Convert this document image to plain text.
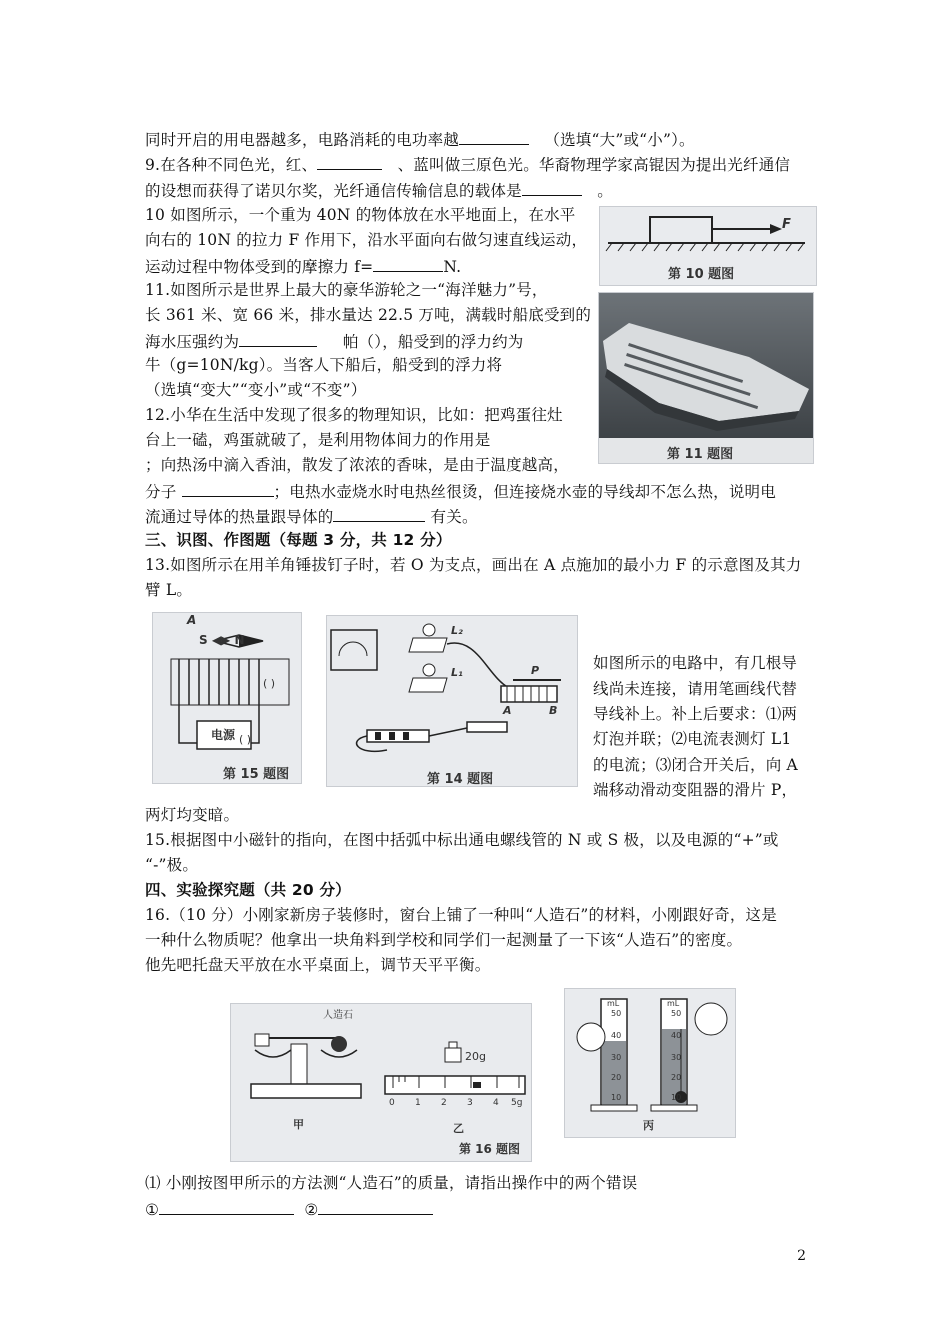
同时开启的用电器越多，电路消耗的电功率越	（选填“大”或“小”）。
9.在各种不同色光，红、	、蓝叫做三原色光。华裔物理学家高锟因为提出光纤通信
的设想而获得了诺贝尔奖，光纤通信传输信息的载体是	。
10 如图所示，一个重为 40N 的物体放在水平地面上，在水平
向右的 10N 的拉力 F 作用下，沿水平面向右做匀速直线运动，
运动过程中物体受到的摩擦力 f=	N.
11.如图所示是世界上最大的豪华游轮之一“海洋魅力”号，
长 361 米、宽 66 米，排水量达 22.5 万吨，满载时船底受到的
海水压强约为	帕（），船受到的浮力约为
牛（g=10N/kg）。当客人下船后，船受到的浮力将
（选填“变大”“变小”或“不变”）
12.小华在生活中发现了很多的物理知识，比如：把鸡蛋往灶
台上一磕，鸡蛋就破了，是利用物体间力的作用是
；向热汤中滴入香油，散发了浓浓的香味，是由于温度越高，
分子	；电热水壶烧水时电热丝很烫，但连接烧水壶的导线却不怎么热，说明电
流通过导体的热量跟导体的	有关。
三、识图、作图题（每题 3 分，共 12 分）
13.如图所示在用羊角锤拔钉子时，若 O 为支点，画出在 A 点施加的最小力 F 的示意图及其力
臂 L。
如图所示的电路中，有几根导
线尚未连接，请用笔画线代替
导线补上。补上后要求：⑴两
灯泡并联；⑵电流表测灯 L1
的电流；⑶闭合开关后，向 A
端移动滑动变阻器的滑片 P，
两灯均变暗。
15.根据图中小磁针的指向，在图中括弧中标出通电螺线管的 N 或 S 极，以及电源的“+”或
“-”极。
四、实验探究题（共 20 分）
16.（10 分）小刚家新房子装修时，窗台上铺了一种叫“人造石”的材料，小刚跟好奇，这是
一种什么物质呢？他拿出一块角料到学校和同学们一起测量了一下该“人造石”的密度。
他先吧托盘天平放在水平桌面上，调节天平平衡。
⑴ 小刚按图甲所示的方法测“人造石”的质量，请指出操作中的两个错误
①	②
F
第 10 题图
第 11 题图
A
S ◀▶ N
电源
( )
( )
第 15 题图
L₂
L₁	P
A	B
第 14 题图
人造石
20g
0 1 2 3 4 5g
甲	乙
第 16 题图
mL	mL
50
40
30
20
10
50
40
30
20
10
丙
2
